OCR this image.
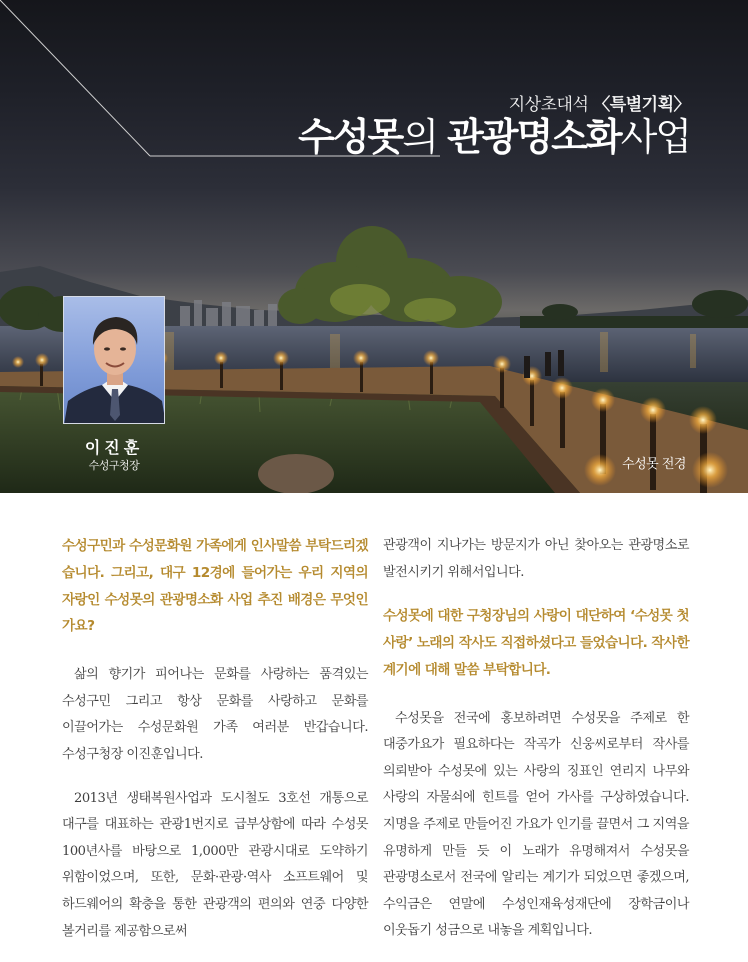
지상초대석 〈특별기획〉
수성못의 관광명소화사업
이진훈
수성구청장	수성못 전경

수성구민과 수성문화원 가족에게 인사말씀 부탁드리겠습니다. 그리고, 대구 12경에 들어가는 우리 지역의 자랑인 수성못의 관광명소화 사업 추진 배경은 무엇인가요?

삶의 향기가 피어나는 문화를 사랑하는 품격있는 수성구민 그리고 항상 문화를 사랑하고 문화를 이끌어가는 수성문화원 가족 여러분 반갑습니다. 수성구청장 이진훈입니다.

2013년 생태복원사업과 도시철도 3호선 개통으로 대구를 대표하는 관광1번지로 급부상함에 따라 수성못 100년사를 바탕으로 1,000만 관광시대로 도약하기 위함이었으며, 또한, 문화·관광·역사 소프트웨어 및 하드웨어의 확충을 통한 관광객의 편의와 연중 다양한 볼거리를 제공함으로써

관광객이 지나가는 방문지가 아닌 찾아오는 관광명소로 발전시키기 위해서입니다.

수성못에 대한 구청장님의 사랑이 대단하여 ‘수성못 첫사랑’ 노래의 작사도 직접하셨다고 들었습니다. 작사한 계기에 대해 말씀 부탁합니다.

수성못을 전국에 홍보하려면 수성못을 주제로 한 대중가요가 필요하다는 작곡가 신웅씨로부터 작사를 의뢰받아 수성못에 있는 사랑의 징표인 연리지 나무와 사랑의 자물쇠에 힌트를 얻어 가사를 구상하였습니다. 지명을 주제로 만들어진 가요가 인기를 끌면서 그 지역을 유명하게 만들 듯 이 노래가 유명해져서 수성못을 관광명소로서 전국에 알리는 계기가 되었으면 좋겠으며, 수익금은 연말에 수성인재육성재단에 장학금이나 이웃돕기 성금으로 내놓을 계획입니다.
